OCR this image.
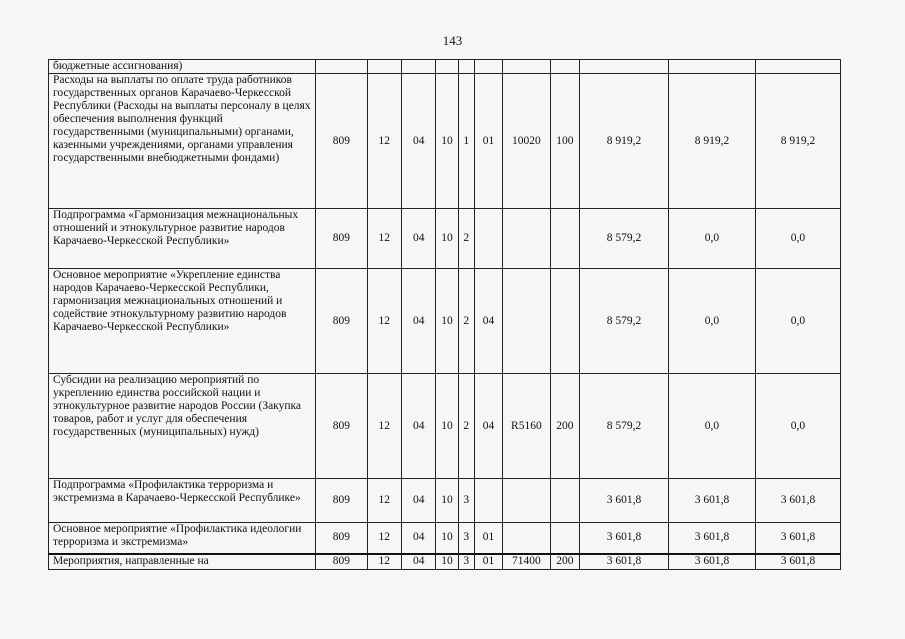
143
бюджетные ассигнования)											
Расходы на выплаты по оплате труда работников государственных органов Карачаево-Черкесской Республики (Расходы на выплаты персоналу в целях обеспечения выполнения функций государственными (муниципальными) органами, казенными учреждениями, органами управления государственными внебюджетными фондами)	809	12	04	10	1	01	10020	100	8 919,2	8 919,2	8 919,2
Подпрограмма «Гармонизация межнациональных отношений и этнокультурное развитие народов Карачаево-Черкесской Республики»	809	12	04	10	2				8 579,2	0,0	0,0
Основное мероприятие «Укрепление единства народов Карачаево-Черкесской Республики, гармонизация межнациональных отношений и содействие этнокультурному развитию народов Карачаево-Черкесской Республики»	809	12	04	10	2	04			8 579,2	0,0	0,0
Субсидии на реализацию мероприятий по укреплению единства российской нации и этнокультурное развитие народов России (Закупка товаров, работ и услуг для обеспечения государственных (муниципальных) нужд)	809	12	04	10	2	04	R5160	200	8 579,2	0,0	0,0
Подпрограмма «Профилактика терроризма и экстремизма в Карачаево-Черкесской Республике»	809	12	04	10	3				3 601,8	3 601,8	3 601,8
Основное мероприятие «Профилактика идеологии терроризма и экстремизма»	809	12	04	10	3	01			3 601,8	3 601,8	3 601,8
Мероприятия, направленные на	809	12	04	10	3	01	71400	200	3 601,8	3 601,8	3 601,8
